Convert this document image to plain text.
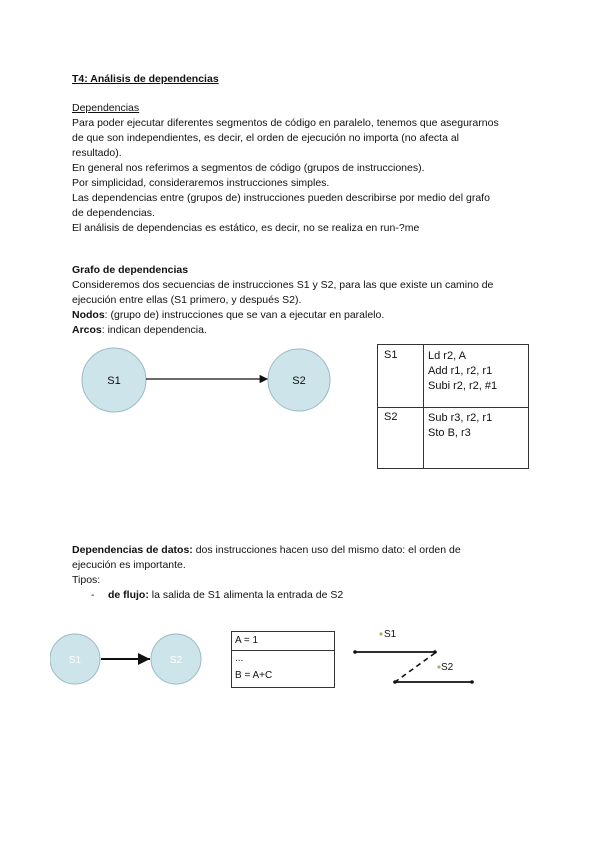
T4: Análisis de dependencias
Dependencias
Para poder ejecutar diferentes segmentos de código en paralelo, tenemos que asegurarnos
de que son independientes, es decir, el orden de ejecución no importa (no afecta al
resultado).
En general nos referimos a segmentos de código (grupos de instrucciones).
Por simplicidad, consideraremos instrucciones simples.
Las dependencias entre (grupos de) instrucciones pueden describirse por medio del grafo
de dependencias.
El análisis de dependencias es estático, es decir, no se realiza en run-?me
Grafo de dependencias
Consideremos dos secuencias de instrucciones S1 y S2, para las que existe un camino de
ejecución entre ellas (S1 primero, y después S2).
Nodos: (grupo de) instrucciones que se van a ejecutar en paralelo.
Arcos: indican dependencia.
S1	S2
S1	Ld r2, A
Add r1, r2, r1
Subi r2, r2, #1
S2	Sub r3, r2, r1
Sto B, r3
Dependencias de datos: dos instrucciones hacen uso del mismo dato: el orden de
ejecución es importante.
Tipos:
- de flujo: la salida de S1 alimenta la entrada de S2
S1	S2
A = 1
...
B = A+C
S1
S2
